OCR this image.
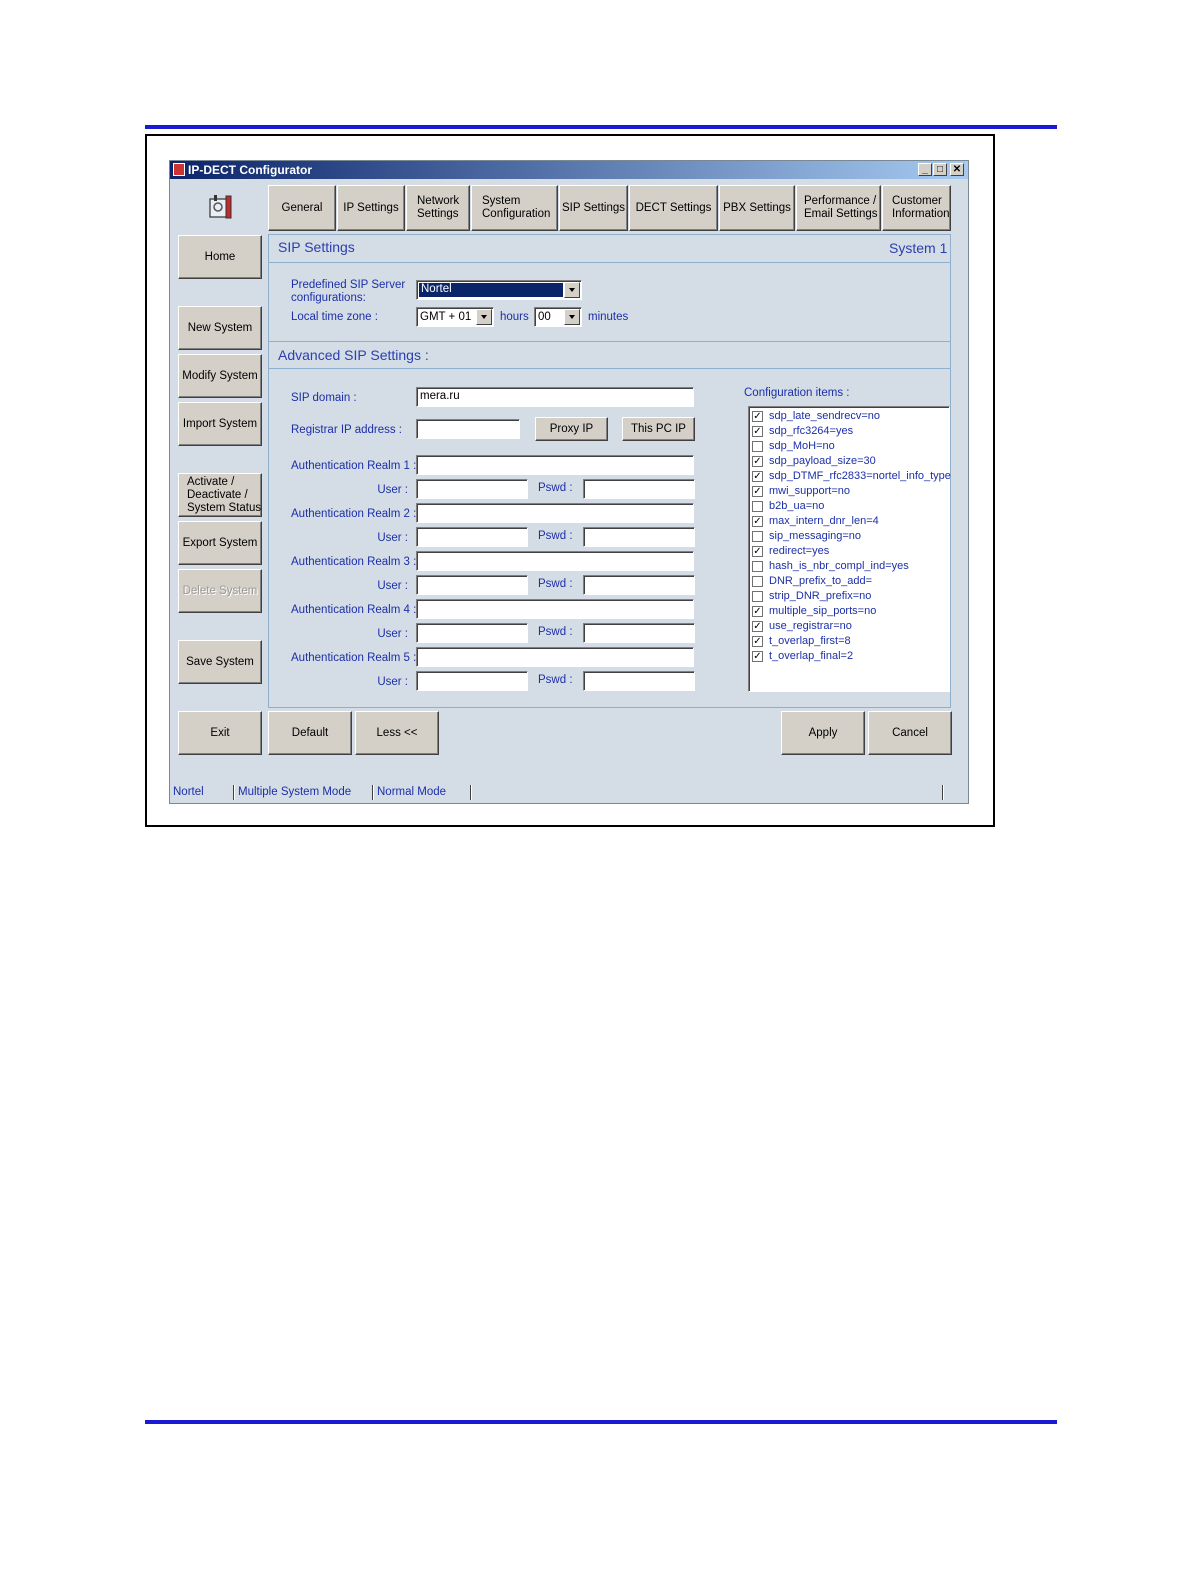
IP-DECT Configurator	_ □ ✕
General	IP Settings
Network
Settings
System
Configuration
SIP Settings DECT Settings	PBX Settings
Performance /
Email Settings
Customer
Information
Home
New System
Modify System
Import System
Activate /
Deactivate /
System Status
Export System
Delete System
Save System
SIP Settings	System 1
Predefined SIP Server
configurations:
Nortel
Local time zone :	GMT + 01	hours 00	minutes
Advanced SIP Settings :
SIP domain :	mera.ru
Registrar IP address :	Proxy IP	This PC IP
Authentication Realm 1 :
User :	Pswd :
Authentication Realm 2 :
User :	Pswd :
Authentication Realm 3 :
User :	Pswd :
Authentication Realm 4 :
User :	Pswd :
Authentication Realm 5 :
User :	Pswd :
Configuration items :
✓ sdp_late_sendrecv=no
✓ sdp_rfc3264=yes
sdp_MoH=no
✓ sdp_payload_size=30
✓ sdp_DTMF_rfc2833=nortel_info_type
✓ mwi_support=no
b2b_ua=no
✓ max_intern_dnr_len=4
sip_messaging=no
✓ redirect=yes
hash_is_nbr_compl_ind=yes
DNR_prefix_to_add=
strip_DNR_prefix=no
✓ multiple_sip_ports=no
✓ use_registrar=no
✓ t_overlap_first=8
✓ t_overlap_final=2
Exit	Default	Less <<	Apply	Cancel
Nortel	Multiple System Mode Normal Mode
